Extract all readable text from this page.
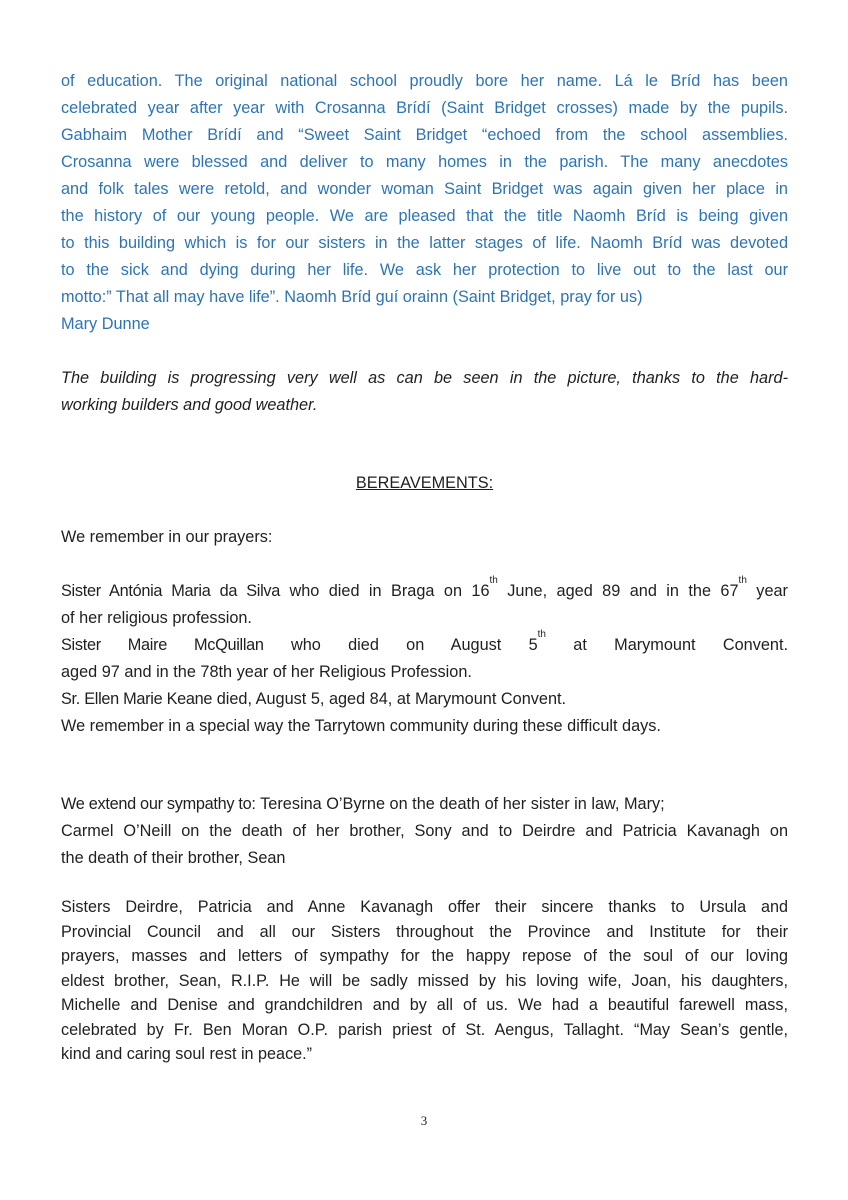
of education. The original national school proudly bore her name. Lá le Bríd has been
celebrated year after year with Crosanna Brídí (Saint Bridget crosses) made by the pupils.
Gabhaim Mother Brídí and “Sweet Saint Bridget “echoed from the school assemblies.
Crosanna were blessed and deliver to many homes in the parish. The many anecdotes
and folk tales were retold, and wonder woman Saint Bridget was again given her place in
the history of our young people. We are pleased that the title Naomh Bríd is being given
to this building which is for our sisters in the latter stages of life. Naomh Bríd was devoted
to the sick and dying during her life. We ask her protection to live out to the last our
motto:” That all may have life”. Naomh Bríd guí orainn (Saint Bridget, pray for us)
Mary Dunne
The building is progressing very well as can be seen in the picture, thanks to the hard-
working builders and good weather.
BEREAVEMENTS:
We remember in our prayers:
Sister Antónia Maria da Silva who died in Braga on 16th June, aged 89 and in the 67th year
of her religious profession.
Sister Maire McQuillan who died on August 5th at Marymount Convent.
aged 97 and in the 78th year of her Religious Profession.
Sr. Ellen Marie Keane died, August 5, aged 84, at Marymount Convent.
We remember in a special way the Tarrytown community during these difficult days.
We extend our sympathy to: Teresina O’Byrne on the death of her sister in law, Mary;
Carmel O’Neill on the death of her brother, Sony and to Deirdre and Patricia Kavanagh on
the death of their brother, Sean
Sisters Deirdre, Patricia and Anne Kavanagh offer their sincere thanks to Ursula and
Provincial Council and all our Sisters throughout the Province and Institute for their
prayers, masses and letters of sympathy for the happy repose of the soul of our loving
eldest brother, Sean, R.I.P. He will be sadly missed by his loving wife, Joan, his daughters,
Michelle and Denise and grandchildren and by all of us. We had a beautiful farewell mass,
celebrated by Fr. Ben Moran O.P. parish priest of St. Aengus, Tallaght. “May Sean’s gentle,
kind and caring soul rest in peace.”
3
